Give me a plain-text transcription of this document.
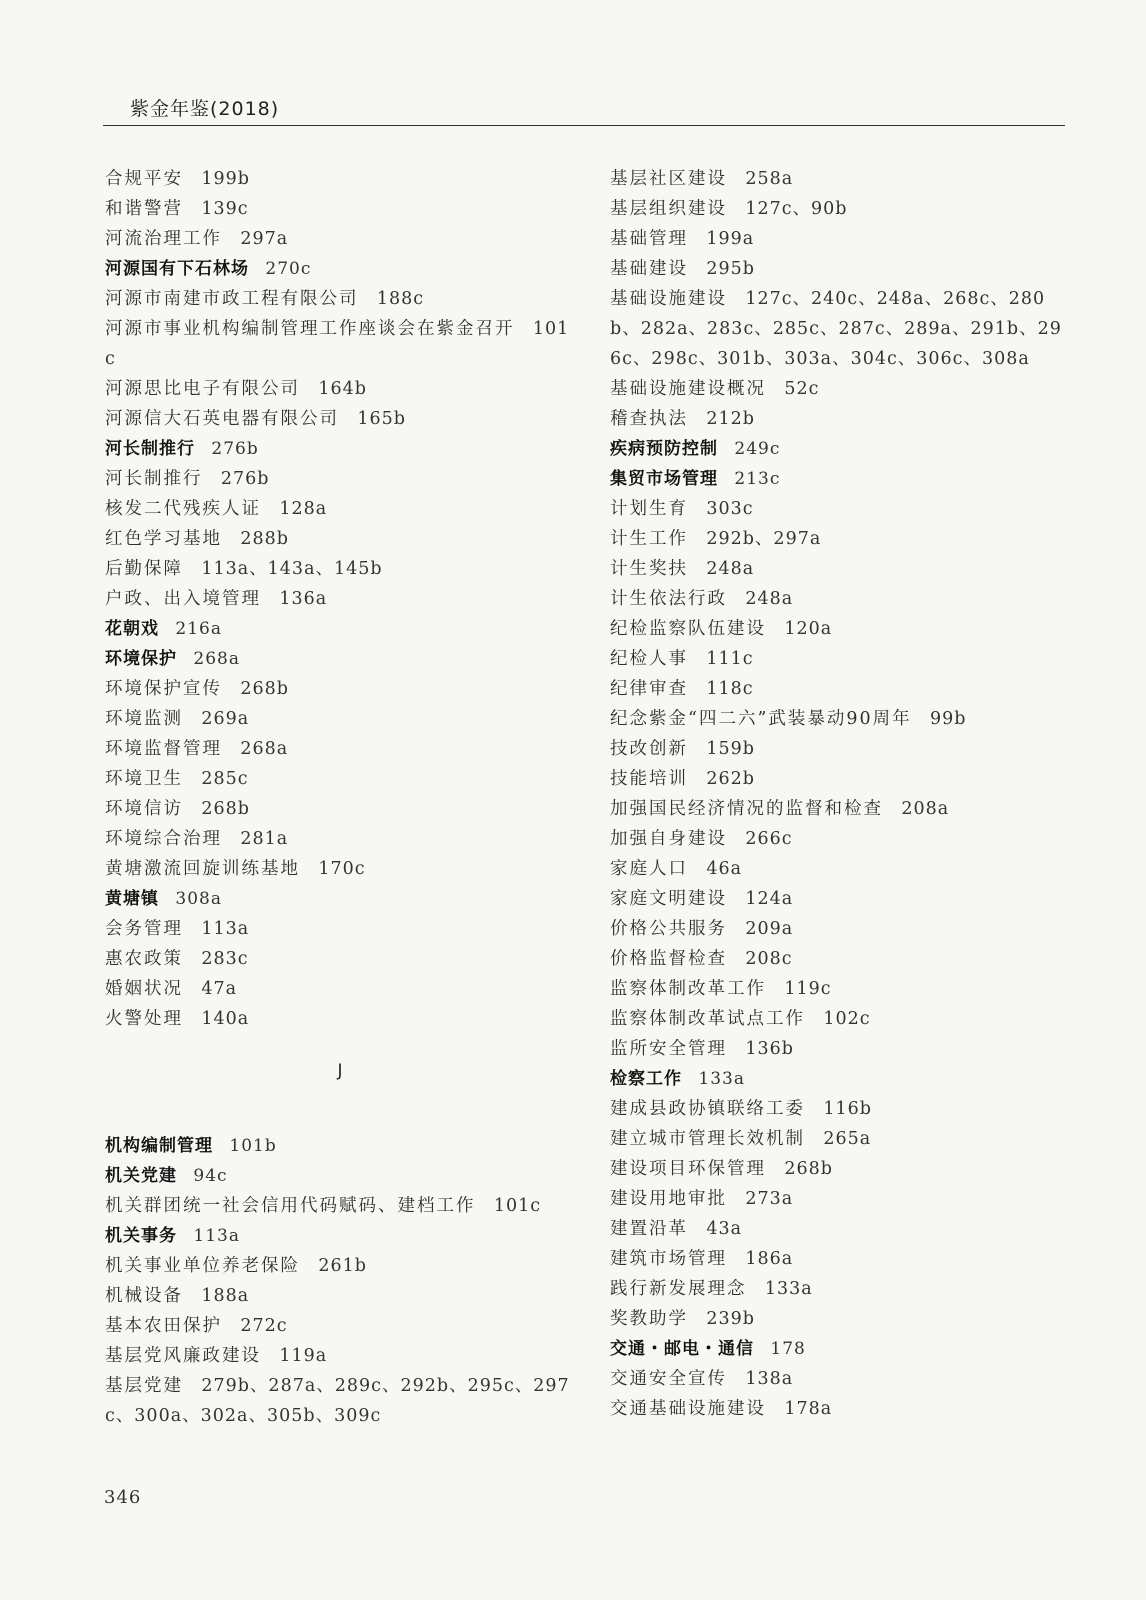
紫金年鉴(2018)
合规平安  199b
和谐警营  139c
河流治理工作  297a
河源国有下石林场  270c
河源市南建市政工程有限公司  188c
河源市事业机构编制管理工作座谈会在紫金召开  101c
河源思比电子有限公司  164b
河源信大石英电器有限公司  165b
河长制推行  276b
河长制推行  276b
核发二代残疾人证  128a
红色学习基地  288b
后勤保障  113a、143a、145b
户政、出入境管理  136a
花朝戏  216a
环境保护  268a
环境保护宣传  268b
环境监测  269a
环境监督管理  268a
环境卫生  285c
环境信访  268b
环境综合治理  281a
黄塘激流回旋训练基地  170c
黄塘镇  308a
会务管理  113a
惠农政策  283c
婚姻状况  47a
火警处理  140a
J
机构编制管理  101b
机关党建  94c
机关群团统一社会信用代码赋码、建档工作  101c
机关事务  113a
机关事业单位养老保险  261b
机械设备  188a
基本农田保护  272c
基层党风廉政建设  119a
基层党建  279b、287a、289c、292b、295c、297c、300a、302a、305b、309c
基层社区建设  258a
基层组织建设  127c、90b
基础管理  199a
基础建设  295b
基础设施建设  127c、240c、248a、268c、280b、282a、283c、285c、287c、289a、291b、296c、298c、301b、303a、304c、306c、308a
基础设施建设概况  52c
稽查执法  212b
疾病预防控制  249c
集贸市场管理  213c
计划生育  303c
计生工作  292b、297a
计生奖扶  248a
计生依法行政  248a
纪检监察队伍建设  120a
纪检人事  111c
纪律审查  118c
纪念紫金“四二六”武装暴动90周年  99b
技改创新  159b
技能培训  262b
加强国民经济情况的监督和检查  208a
加强自身建设  266c
家庭人口  46a
家庭文明建设  124a
价格公共服务  209a
价格监督检查  208c
监察体制改革工作  119c
监察体制改革试点工作  102c
监所安全管理  136b
检察工作  133a
建成县政协镇联络工委  116b
建立城市管理长效机制  265a
建设项目环保管理  268b
建设用地审批  273a
建置沿革  43a
建筑市场管理  186a
践行新发展理念  133a
奖教助学  239b
交通・邮电・通信  178
交通安全宣传  138a
交通基础设施建设  178a
346
